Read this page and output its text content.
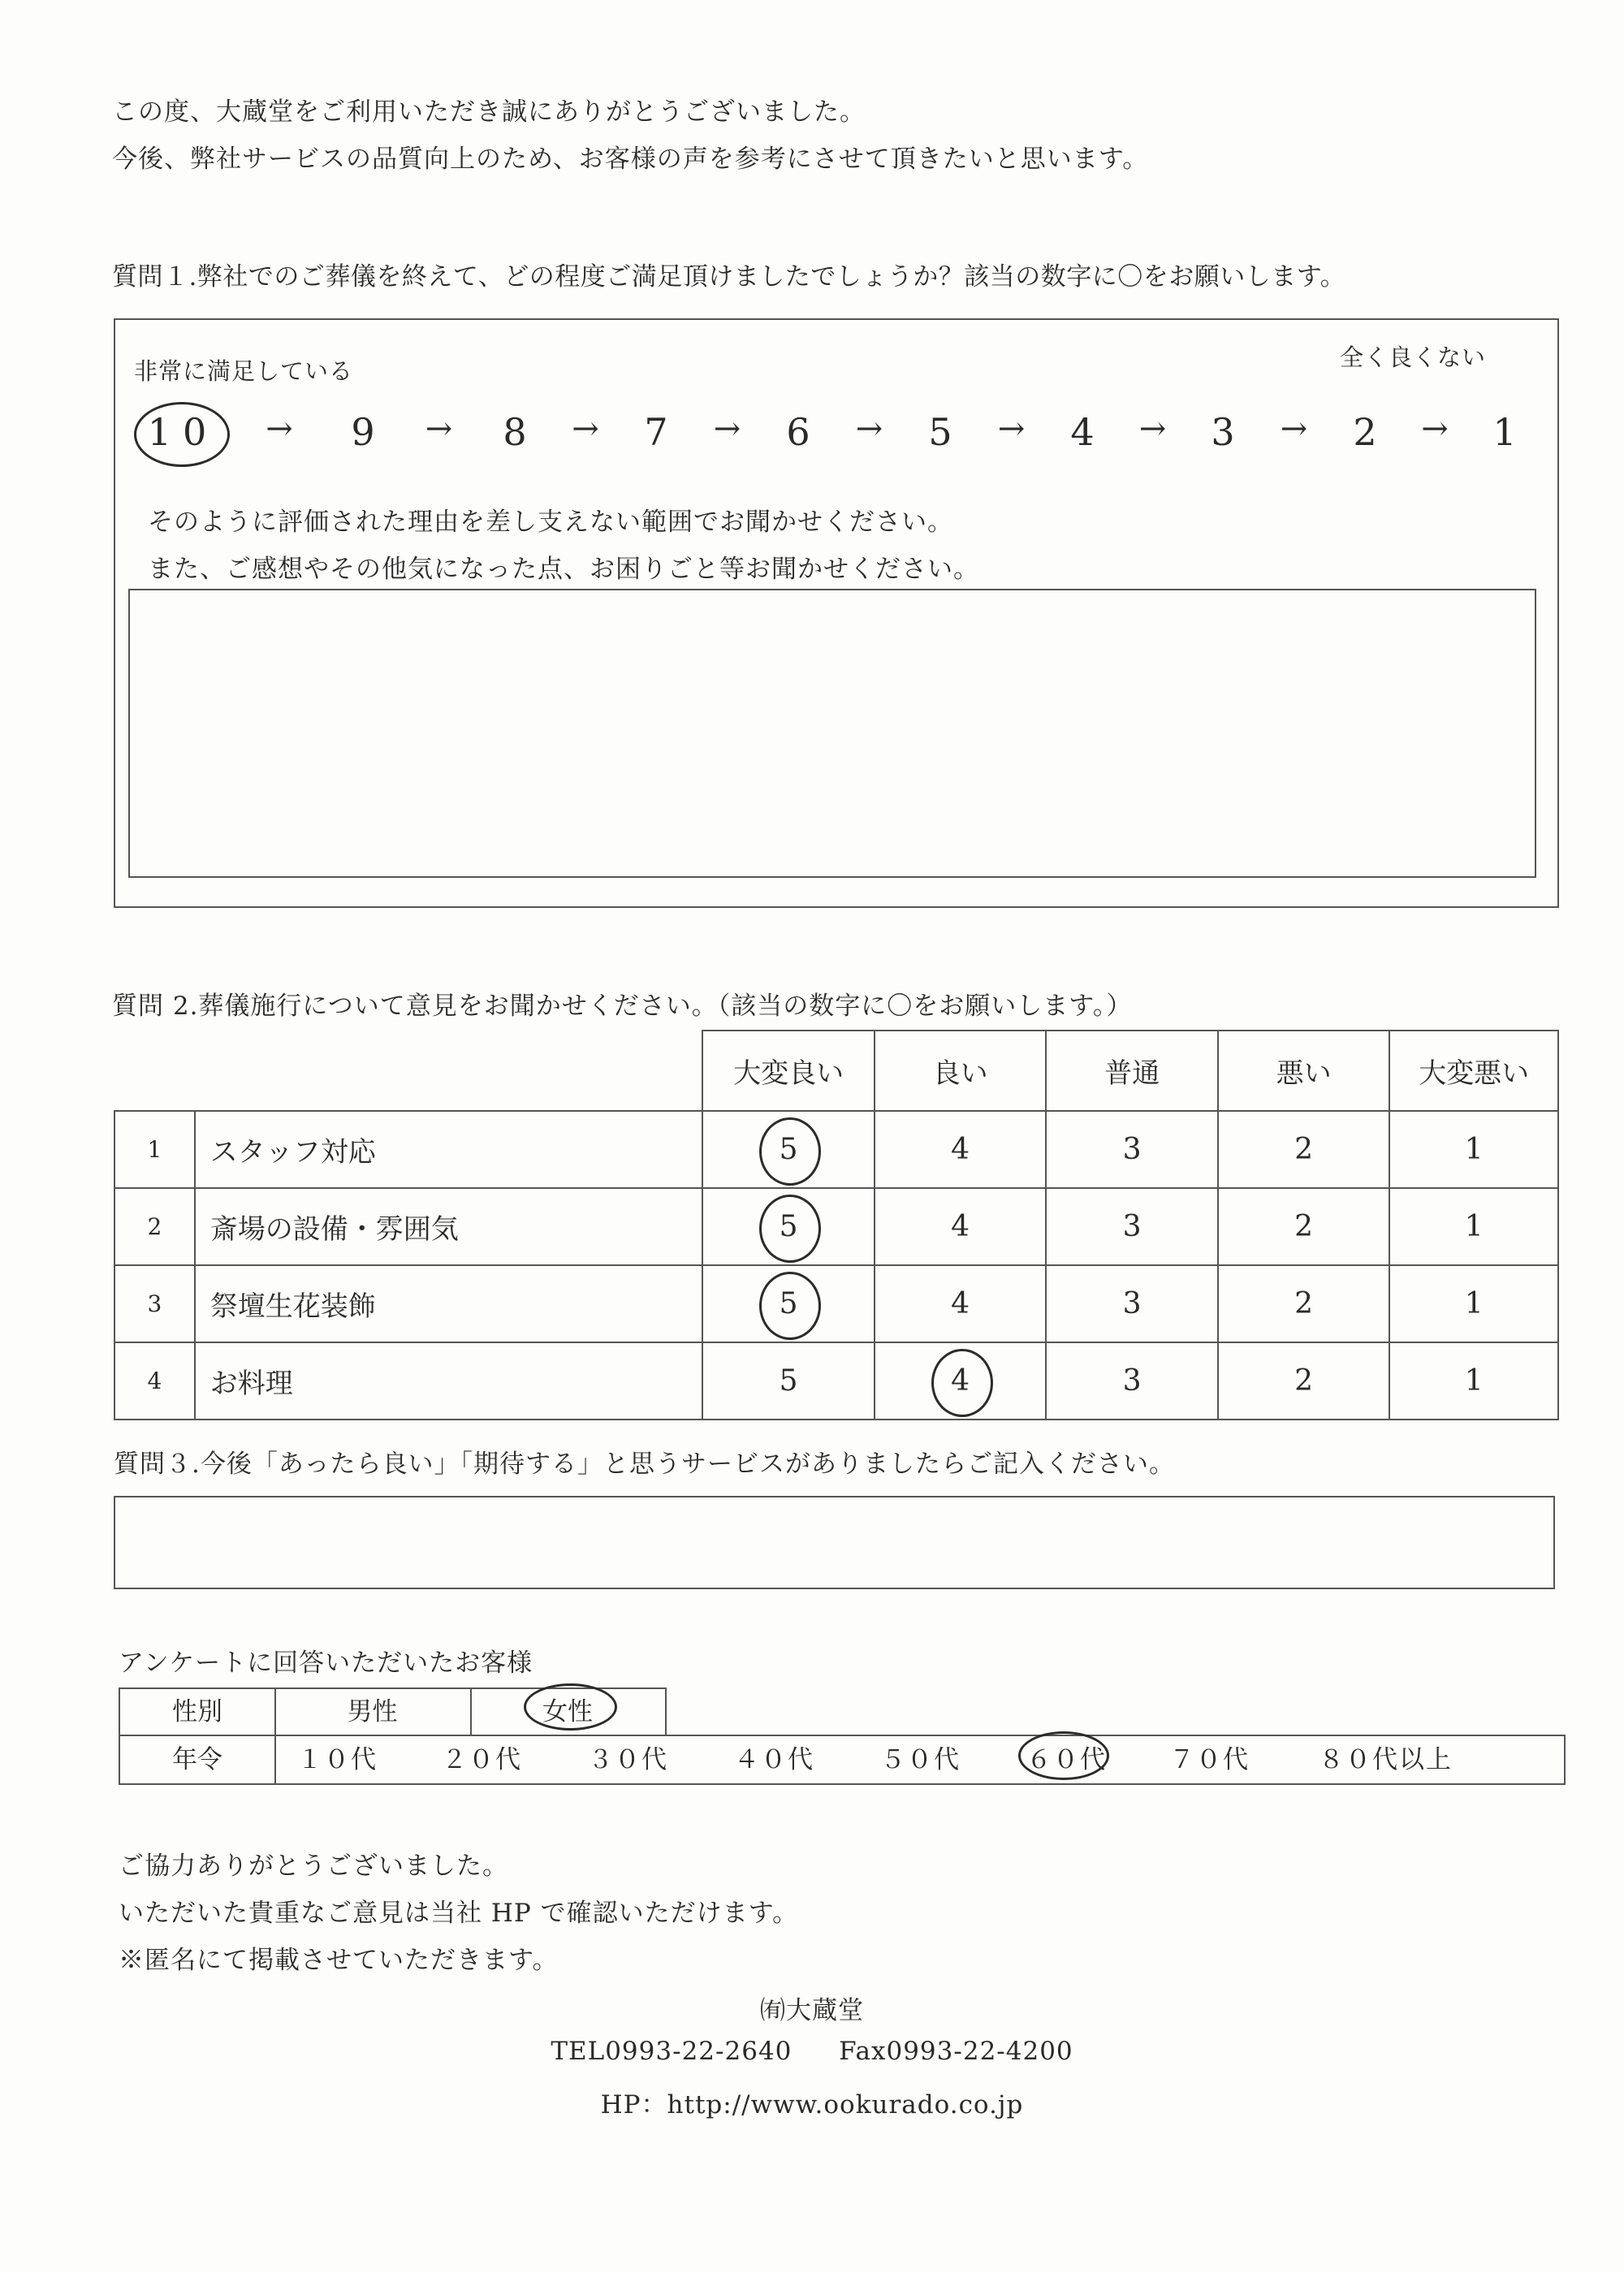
この度、大蔵堂をご利用いただき誠にありがとうございました。
今後、弊社サービスの品質向上のため、お客様の声を参考にさせて頂きたいと思います。
質問１.弊社でのご葬儀を終えて、どの程度ご満足頂けましたでしょうか？該当の数字に〇をお願いします。
非常に満足している	全く良くない
10	→	9	→	8	→	7	→	6	→	5	→	4	→	3	→	2	→	1
そのように評価された理由を差し支えない範囲でお聞かせください。
また、ご感想やその他気になった点、お困りごと等お聞かせください。
質問 2.葬儀施行について意見をお聞かせください。（該当の数字に〇をお願いします。）
		大変良い	良い	普通	悪い	大変悪い
1	スタッフ対応	5	4	3	2	1
2	斎場の設備・雰囲気	5	4	3	2	1
3	祭壇生花装飾	5	4	3	2	1
4	お料理	5	4	3	2	1
質問３.今後「あったら良い」「期待する」と思うサービスがありましたらご記入ください。
アンケートに回答いただいたお客様
性別	男性	女性
年令	１０代	２０代	３０代	４０代	５０代	６０代 ７０代	８０代以上
ご協力ありがとうございました。
いただいた貴重なご意見は当社 HP で確認いただけます。
※匿名にて掲載させていただきます。
㈲大蔵堂
TEL0993-22-2640 Fax0993-22-4200
HP：http://www.ookurado.co.jp
